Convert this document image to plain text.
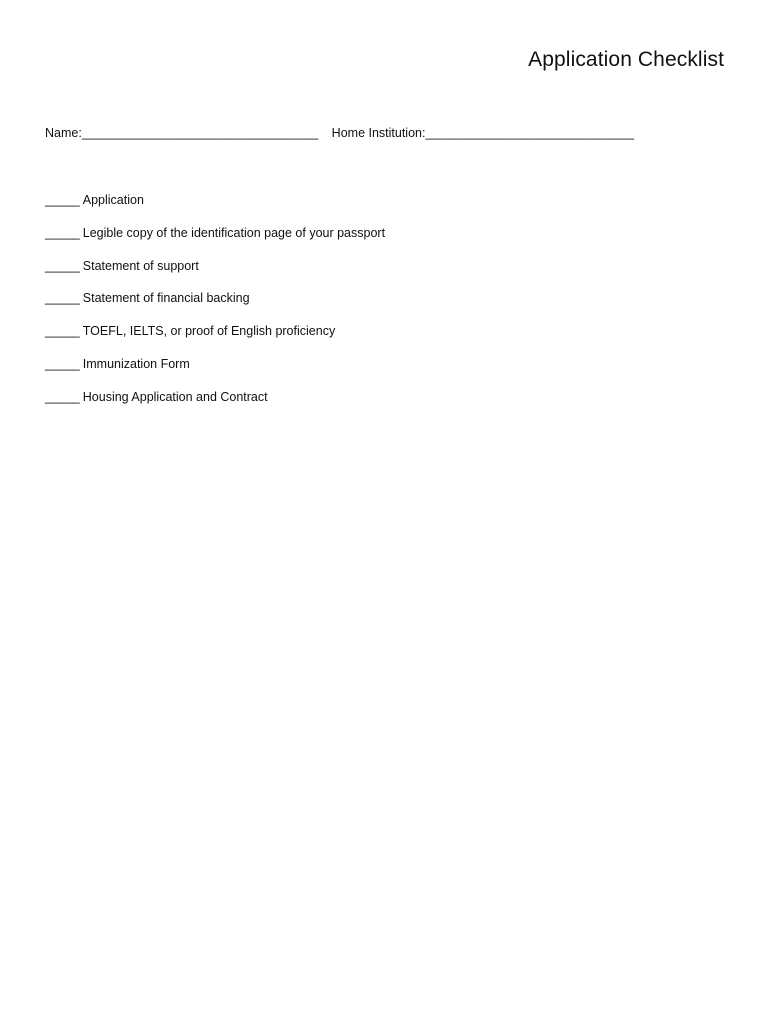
Application Checklist
Name:__________________________________ Home Institution:______________________________
_____ Application
_____ Legible copy of the identification page of your passport
_____ Statement of support
_____ Statement of financial backing
_____ TOEFL, IELTS, or proof of English proficiency
_____ Immunization Form
_____ Housing Application and Contract
